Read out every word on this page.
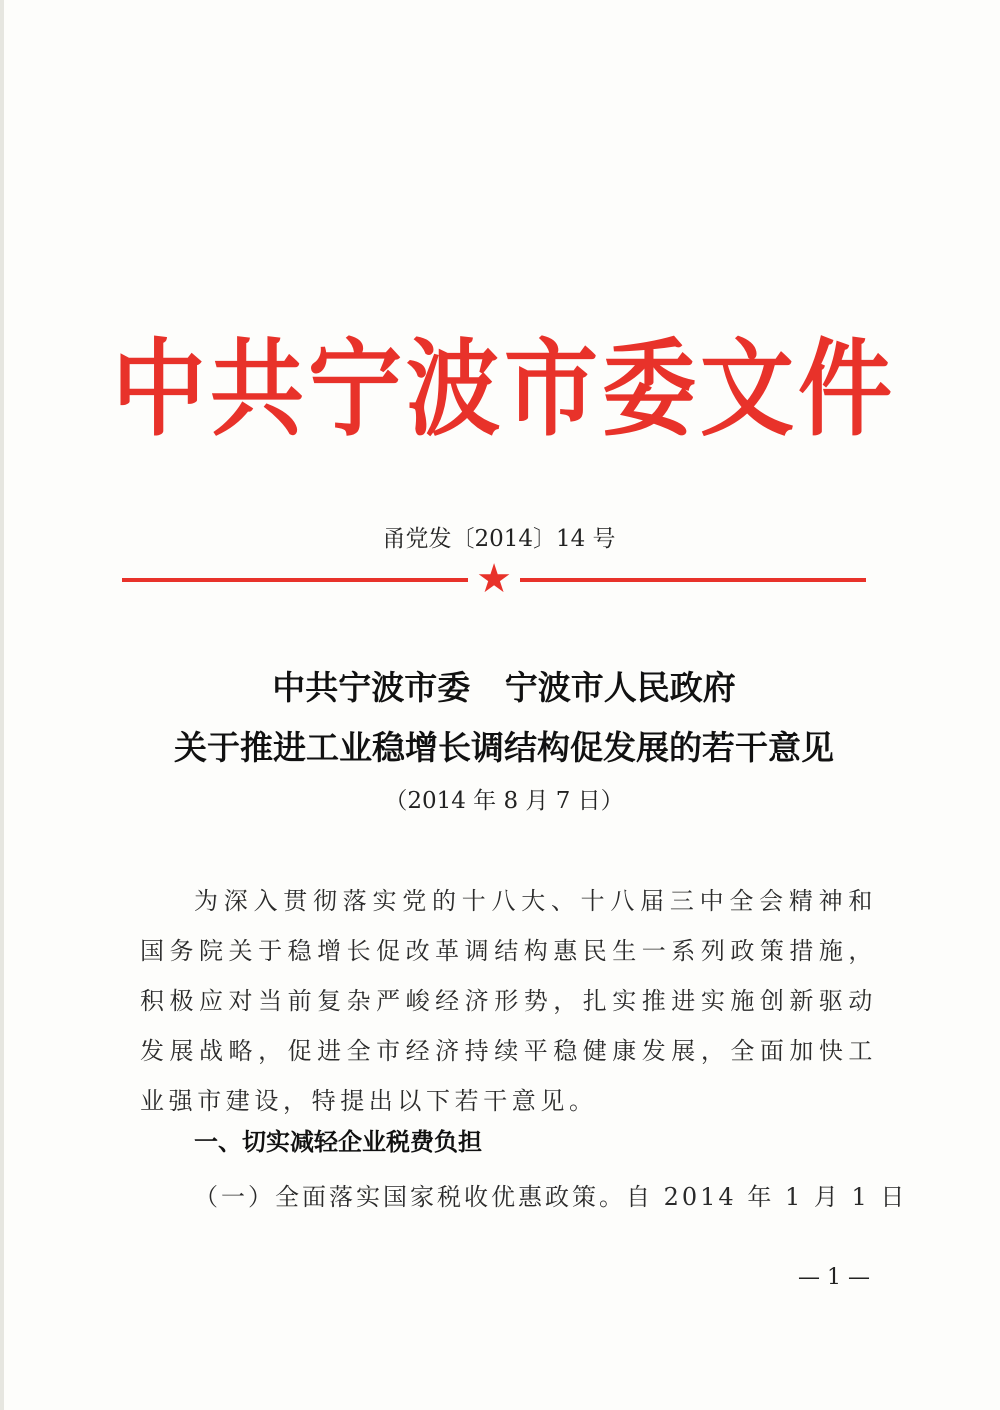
中共宁波市委文件
甬党发〔2014〕14 号
★
中共宁波市委   宁波市人民政府
关于推进工业稳增长调结构促发展的若干意见
（2014 年 8 月 7 日）

为深入贯彻落实党的十八大、十八届三中全会精神和国务院关于稳增长促改革调结构惠民生一系列政策措施，积极应对当前复杂严峻经济形势，扎实推进实施创新驱动发展战略，促进全市经济持续平稳健康发展，全面加快工业强市建设，特提出以下若干意见。

一、切实减轻企业税费负担
（一）全面落实国家税收优惠政策。自 2014 年 1 月 1 日
— 1 —
